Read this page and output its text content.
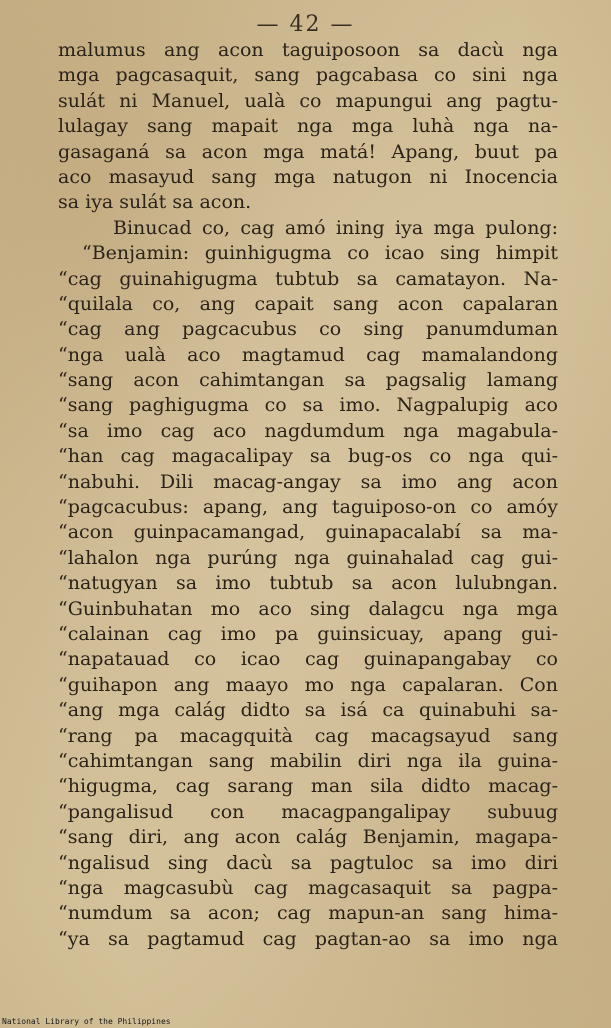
— 42 —
malumus ang acon taguiposoon sa dacù nga
mga pagcasaquit, sang pagcabasa co sini nga
sulát ni Manuel, ualà co mapungui ang pagtu-
lulagay sang mapait nga mga luhà nga na-
gasaganá sa acon mga matá! Apang, buut pa
aco masayud sang mga natugon ni Inocencia
sa iya sulát sa acon.
Binucad co, cag amó ining iya mga pulong:
“Benjamin: guinhigugma co icao sing himpit
“cag guinahigugma tubtub sa camatayon. Na-
“quilala co, ang capait sang acon capalaran
“cag ang pagcacubus co sing panumduman
“nga ualà aco magtamud cag mamalandong
“sang acon cahimtangan sa pagsalig lamang
“sang paghigugma co sa imo. Nagpalupig aco
“sa imo cag aco nagdumdum nga magabula-
“han cag magacalipay sa bug-os co nga qui-
“nabuhi. Dili macag-angay sa imo ang acon
“pagcacubus: apang, ang taguiposo-on co amóy
“acon guinpacamangad, guinapacalabí sa ma-
“lahalon nga purúng nga guinahalad cag gui-
“natugyan sa imo tubtub sa acon lulubngan.
“Guinbuhatan mo aco sing dalagcu nga mga
“calainan cag imo pa guinsicuay, apang gui-
“napatauad co icao cag guinapangabay co
“guihapon ang maayo mo nga capalaran. Con
“ang mga calág didto sa isá ca quinabuhi sa-
“rang pa macagquità cag macagsayud sang
“cahimtangan sang mabilin diri nga ila guina-
“higugma, cag sarang man sila didto macag-
“pangalisud con macagpangalipay subuug
“sang diri, ang acon calág Benjamin, magapa-
“ngalisud sing dacù sa pagtuloc sa imo diri
“nga magcasubù cag magcasaquit sa pagpa-
“numdum sa acon; cag mapun-an sang hima-
“ya sa pagtamud cag pagtan-ao sa imo nga
National Library of the Philippines
